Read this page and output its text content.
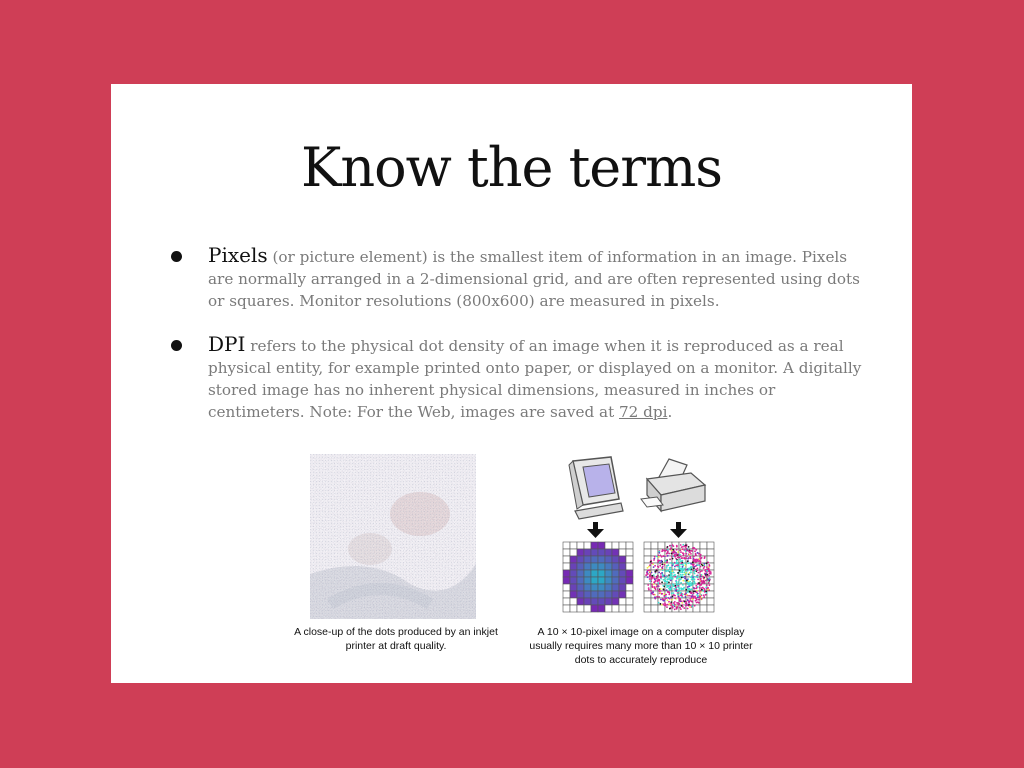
Know the terms
Pixels (or picture element) is the smallest item of information in an image. Pixels are normally arranged in a 2-dimensional grid, and are often represented using dots or squares. Monitor resolutions (800x600) are measured in pixels.
DPI refers to the physical dot density of an image when it is reproduced as a real physical entity, for example printed onto paper, or displayed on a monitor. A digitally stored image has no inherent physical dimensions, measured in inches or centimeters. Note: For the Web, images are saved at 72 dpi.
A close-up of the dots produced by an inkjet printer at draft quality.
A 10 × 10-pixel image on a computer display usually requires many more than 10 × 10 printer dots to accurately reproduce
